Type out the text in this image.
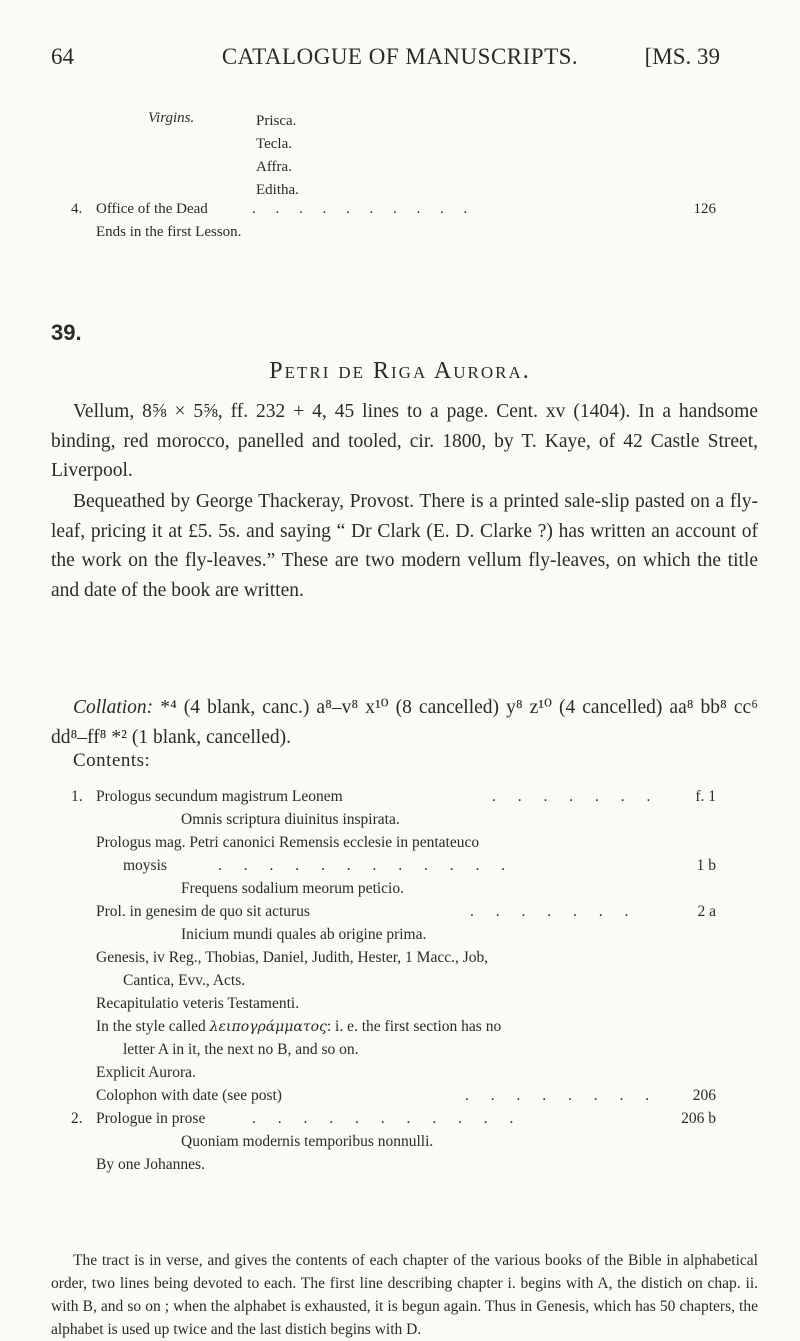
64	CATALOGUE OF MANUSCRIPTS.	[MS. 39
Virgins.	Prisca.
Tecla.
Affra.
Editha.
4. Office of the Dead	. . . . . . . . . .	126
Ends in the first Lesson.
39.
Petri de Riga Aurora.
Vellum, 8⅝ × 5⅝, ff. 232 + 4, 45 lines to a page. Cent. xv (1404). In a handsome binding, red morocco, panelled and tooled, cir. 1800, by T. Kaye, of 42 Castle Street, Liverpool.
Bequeathed by George Thackeray, Provost. There is a printed sale-slip pasted on a fly-leaf, pricing it at £5. 5s. and saying “ Dr Clark (E. D. Clarke ?) has written an account of the work on the fly-leaves.” These are two modern vellum fly-leaves, on which the title and date of the book are written.
Collation: *⁴ (4 blank, canc.) a⁸–v⁸ x¹⁰ (8 cancelled) y⁸ z¹⁰ (4 cancelled) aa⁸ bb⁸ cc⁶ dd⁸–ff⁸ *² (1 blank, cancelled).
Contents:
1. Prologus secundum magistrum Leonem	. . . . . . . f. 1
Omnis scriptura diuinitus inspirata.
Prologus mag. Petri canonici Remensis ecclesie in pentateuco
moysis	. . . . . . . . . . . .	1 b
Frequens sodalium meorum peticio.
Prol. in genesim de quo sit acturus	. . . . . . .	2 a
Inicium mundi quales ab origine prima.
Genesis, iv Reg., Thobias, Daniel, Judith, Hester, 1 Macc., Job,
Cantica, Evv., Acts.
Recapitulatio veteris Testamenti.
In the style called λειπογράμματος: i. e. the first section has no
letter A in it, the next no B, and so on.
Explicit Aurora.
Colophon with date (see post)	. . . . . . . . 206
2. Prologue in prose	. . . . . . . . . . .	206 b
Quoniam modernis temporibus nonnulli.
By one Johannes.
The tract is in verse, and gives the contents of each chapter of the various books of the Bible in alphabetical order, two lines being devoted to each. The first line describing chapter i. begins with A, the distich on chap. ii. with B, and so on ; when the alphabet is exhausted, it is begun again. Thus in Genesis, which has 50 chapters, the alphabet is used up twice and the last distich begins with D.
